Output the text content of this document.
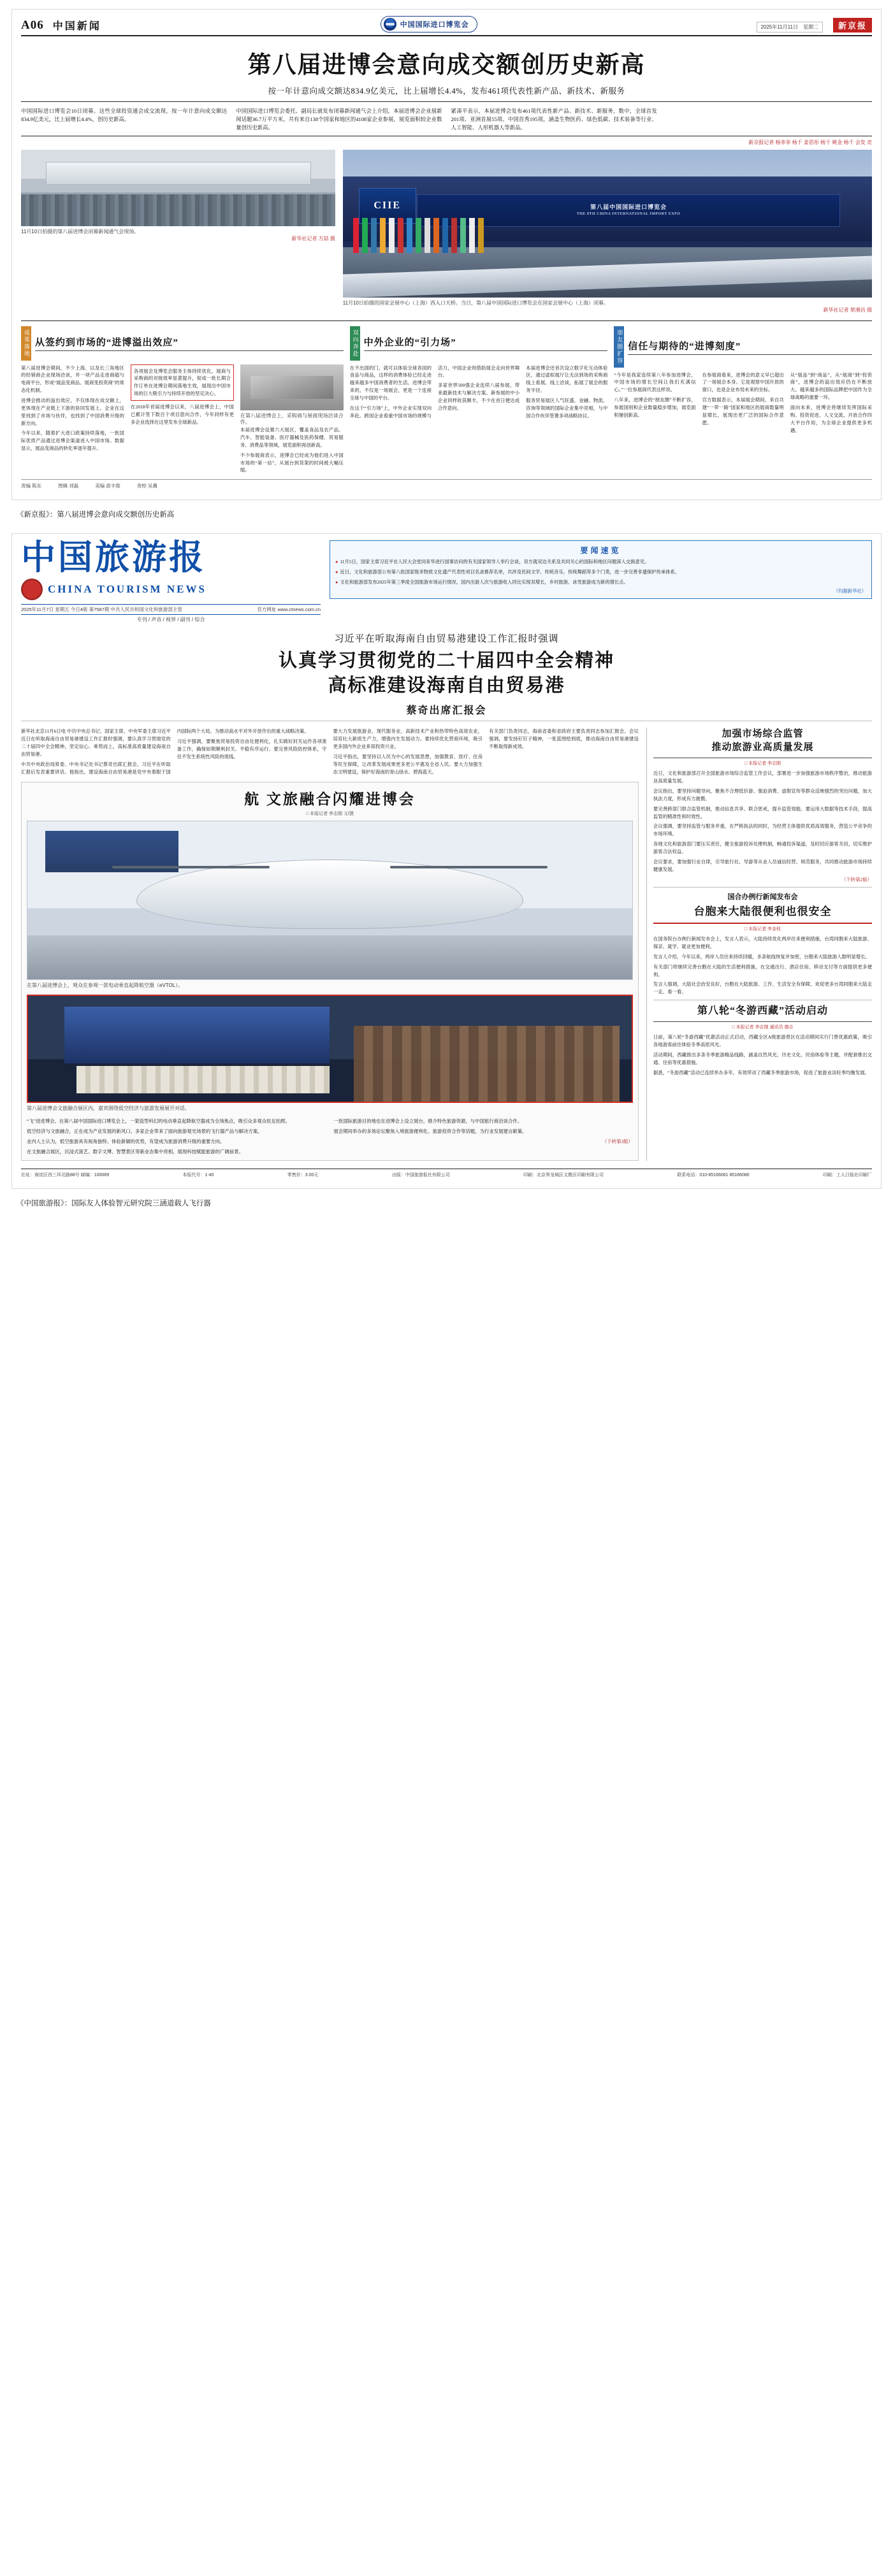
A06 中国新闻	中国国际进口博览会	2025年11月11日　星期二	新京报
第八届进博会意向成交额创历史新高
按一年计意向成交额达834.9亿美元，比上届增长4.4%，发布461项代表性新产品、新技术、新服务

中国国际进口博览会10日闭幕。这些全球投资通会成交流现，按一年计意向成交额达834.9亿美元，比上届增长4.4%，创历史新高。

中国国际进口博览会委托、副局长就发布闭幕新闻通气会上介绍，本届进博会企业展新闻话题36.7万平方米，共有来自138个国家和地区的4108家企业参展，展览面积较企业数量创历史新高。

紧凑平表示，本届进博会发布461项代表性新产品、新技术、新服务，数中，全球首发201项、亚洲首展55项、中国首秀195项，涵盖生物医药、绿色低碳、技术装备等行业、人工智能、人形机器人等新品。

新京报记者 杨菲菲 杨千 姜思彤 杨千 姚金 杨千 会发 竞
11月10日拍摄的第八届进博会闭幕新闻通气会现场。
新华社记者 方喆 摄
CIIE	第八届中国国际进口博览会
THE 8TH CHINA INTERNATIONAL IMPORT EXPO
11月10日拍摄的国家会展中心（上海）西入口天桥。当日，第八届中国国际进口博览会在国家会展中心（上海）闭幕。
新华社记者 蔡湘昌 摄
成果落地 从签约到市场的“进博溢出效应”

第八届进博会期间，不少上海、以及长三角地区的经销商企业现场洽谈，并一项产品走进商超与电商平台，形成“展品变商品、展商变投资商”的常态化机制。

进博会推动的溢出效应，不仅体现在成交额上，更体现在产业链上下游的协同发展上。企业在这里找到了市场与伙伴，也找到了中国消费升级的新方向。

今年以来，随着扩大进口政策持续落地，一批国际优质产品通过进博会渠道进入中国市场。数据显示，展品变商品的转化率逐年提升。

各项展会及博览会服务主体持续优化，展商与采购商的对接效率显著提升，促成一批长期合作订单在进博会期间落地生效，展现出中国市场的巨大吸引力与持续开放的坚定决心。

在2018年首届进博会以来，八届进博会上，中国已累计签下数百个项目意向合作，今年同样有更多企业选择在这里发布全球新品。

在第八届进博会上，采购商与展商现场洽谈合作。

本届进博会设置六大展区，覆盖食品及农产品、汽车、智能装备、医疗器械及医药保健、贸易服务、消费品等领域，展览面积再创新高。

不少参展商表示，进博会已经成为他们进入中国市场的“第一站”，从展台到货架的时间被大幅压缩。

双向奔赴 中外企业的“引力场”

在不出国的门，就可以体验全球各国的食品与商品，这样的消费体验已经走进越来越多中国消费者的生活。进博会带来的，不仅是一场展会，更是一个连接全球与中国的平台。

在这个“引力场”上，中外企业实现双向奔赴。跨国企业看重中国市场的规模与活力，中国企业则借助展会走向世界舞台。

多家世界500强企业连续八届参展，带来最新技术与解决方案。新参展的中小企业同样收获颇丰，不少在首日便达成合作意向。

本届进博会还首次设立数字化互动体验区，通过虚拟展厅让无法到场的采购商线上看展、线上洽谈，拓展了展会的服务半径。

服务贸易展区人气旺盛，金融、物流、咨询等领域的国际企业集中亮相，与中国合作伙伴签署多项战略协议。

朋友圈扩容 信任与期待的“进博刻度”

“今年是我家连续第八年参加进博会，中国市场的增长空间让我们充满信心。”一位参展商代表这样说。

八年来，进博会的“朋友圈”不断扩容，参展国别和企业数量稳步增加，展览面积屡创新高。

在参展商看来，进博会的意义早已超出了一场展会本身。它是观察中国开放的窗口，也是企业布局未来的坐标。

官方数据表示，本届展会期间，来自共建“一带一路”国家和地区的展商数量明显增长，展现出更广泛的国际合作意愿。

从“展品”到“商品”，从“展商”到“投资商”，进博会的溢出效应仍在不断放大。越来越多的国际品牌把中国作为全球战略的重要一环。

面向未来，进博会将继续发挥国际采购、投资促进、人文交流、开放合作四大平台作用，为全球企业提供更多机遇。

责编 陈东	图辑 刘磊	美编 俞丰俊	责校 吴冀
《新京报》：第八届进博会意向成交额创历史新高
中国旅游报
CHINA TOURISM NEWS
2025年11月7日 星期五 今日4版 第7587期 中共人民共和国文化和旅游部主管	官方网址 www.ctnews.com.cn
专刊 / 声音 / 视界 / 副刊 / 综合
要闻速览

● 11月5日，国家主席习近平在人民大会堂同来华进行国事访问的有关国家领导人举行会谈，双方就双边关系及共同关心的国际和地区问题深入交换意见。

● 近日，文化和旅游部公布第八批国家级非物质文化遗产代表性项目名录推荐名单，共涉及民间文学、传统音乐、传统舞蹈等多个门类，进一步完善非遗保护传承体系。

● 文化和旅游部发布2025年第三季度全国旅游市场运行情况，国内出游人次与旅游收入同比实现双增长，乡村旅游、冰雪旅游成为新的增长点。

（均据新华社）
习近平在听取海南自由贸易港建设工作汇报时强调
认真学习贯彻党的二十届四中全会精神
高标准建设海南自由贸易港
蔡奇出席汇报会

新华社北京11月6日电 中共中央总书记、国家主席、中央军委主席习近平近日在听取海南自由贸易港建设工作汇报时强调，要认真学习贯彻党的二十届四中全会精神，坚定信心、乘势而上，高标准高质量建设海南自由贸易港。

中共中央政治局常委、中央书记处书记蔡奇出席汇报会。习近平在听取汇报后发表重要讲话。他指出，建设海南自由贸易港是党中央着眼于国内国际两个大局、为推动高水平对外开放作出的重大战略决策。

习近平强调，要聚焦贸易投资自由化便利化，扎实做好封关运作各项准备工作，确保如期顺利封关、平稳有序运行。要完善风险防控体系，守住不发生系统性风险的底线。

要大力发展旅游业、现代服务业、高新技术产业和热带特色高效农业，培育壮大新质生产力，增强内生发展动力。要持续优化营商环境，吸引更多国内外企业来琼投资兴业。

习近平指出，要坚持以人民为中心的发展思想，加强教育、医疗、住房等民生保障，让改革发展成果更多更公平惠及全省人民。要大力加强生态文明建设，保护好海南的青山绿水、碧海蓝天。

有关部门负责同志，海南省委和省政府主要负责同志参加汇报会。会议强调，要发扬钉钉子精神，一张蓝图绘到底，推动海南自由贸易港建设不断取得新成效。

航 文旅融合闪耀进博会
□ 本报记者 李志刚 文/摄
在第八届进博会上，观众在参观一款电动垂直起降航空器（eVTOL）。
第八届进博会文旅融合展区内，嘉宾围绕低空经济与旅游发展展开对话。

“飞”进进博会。在第八届中国国际进口博览会上，一架造型科幻的电动垂直起降航空器成为全场焦点，吸引众多观众驻足拍照。

低空经济与文旅融合，正在成为产业发展的新风口。多家企业带来了面向旅游观光场景的飞行器产品与解决方案。

业内人士认为，低空旅游具有视角独特、体验新颖的优势，有望成为旅游消费升级的重要方向。

在文旅融合展区，沉浸式演艺、数字文博、智慧景区等新业态集中亮相，展现科技赋能旅游的广阔前景。

一批国际旅游目的地也在进博会上设立展台，推介特色旅游资源，与中国旅行商洽谈合作。

展会期间举办的多场论坛聚焦入境旅游便利化、旅游投资合作等话题，为行业发展建言献策。

（下转第3版）

加强市场综合监管
推动旅游业高质量发展
□ 本报记者 李志刚

近日，文化和旅游部召开全国旅游市场综合监管工作会议，部署进一步加强旅游市场秩序整治，推动旅游业高质量发展。

会议指出，要坚持问题导向，聚焦不合理低价游、强迫消费、虚假宣传等群众反映强烈的突出问题，加大执法力度，形成有力震慑。

要完善跨部门联合监管机制，推动信息共享、联合惩戒，提升监管效能。要运用大数据等技术手段，提高监管的精准性和时效性。

会议强调，要坚持监管与服务并重，在严格执法的同时，为经营主体提供优质高效服务，营造公平竞争的市场环境。

各地文化和旅游部门要压实责任，健全旅游投诉处理机制，畅通投诉渠道，及时回应游客关切，切实维护游客合法权益。

会议要求，要加强行业自律，引导旅行社、导游等从业人员诚信经营、规范服务，共同推动旅游市场持续健康发展。

（下转第2版）

国合办例行新闻发布会
台胞来大陆很便利也很安全
□ 本报记者 李金枝

在国务院台办例行新闻发布会上，发言人表示，大陆持续优化两岸往来便利措施，台湾同胞来大陆旅游、探亲、就学、就业更加便利。

发言人介绍，今年以来，两岸人员往来持续回暖，多条航线恢复并加密，台胞来大陆旅游人数明显增长。

有关部门将继续完善台胞在大陆的生活便利措施，在交通出行、酒店住宿、移动支付等方面提供更多便利。

发言人强调，大陆社会治安良好，台胞在大陆旅游、工作、生活安全有保障，欢迎更多台湾同胞来大陆走一走、看一看。

第八轮“冬游西藏”活动启动
□ 本报记者 李志刚 通讯员 德吉

日前，第八轮“冬游西藏”优惠活动正式启动，西藏全区A级旅游景区在活动期间实行门票优惠政策，吸引各地游客前往体验冬季高原风光。

活动期间，西藏推出多条冬季旅游精品线路，涵盖自然风光、历史文化、民俗体验等主题，并配套推出交通、住宿等优惠措施。

据悉，“冬游西藏”活动已连续举办多年，有效带动了西藏冬季旅游市场，促进了旅游业淡旺季均衡发展。

社址：海淀区西三环北路88号 邮编：100089	本报代号：1-40	零售价：3.00元	出版：中国旅游报社有限公司	印刷：北京界龙城区文教区印刷有限公司	联系电话：010-85166061 85166080	印刷：工人日报社印刷厂
《中国旅游报》：国际友人体验智元研究院三涵道载人飞行器
